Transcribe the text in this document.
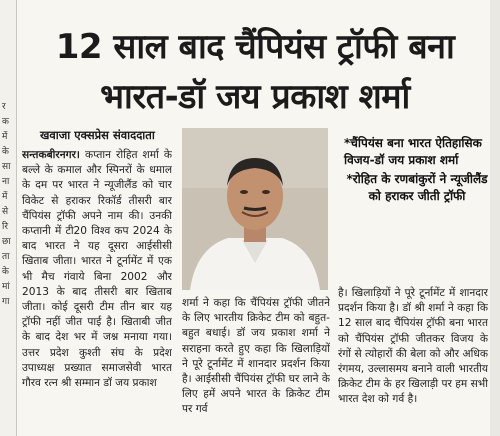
र
क
में
के
सा
ना
में
से
रि
छा
ता
के
मां
गा
12 साल बाद चैंपियंस ट्रॉफी बना
भारत-डॉ जय प्रकाश शर्मा
खवाजा एक्सप्रेस संवाददाता
सन्तकबीरनगर। कप्तान रोहित शर्मा के बल्ले के कमाल और स्पिनरों के धमाल के दम पर भारत ने न्यूजीलैंड को चार विकेट से हराकर रिकॉर्ड तीसरी बार चैंपियंस ट्रॉफी अपने नाम की। उनकी कप्तानी में टी20 विश्व कप 2024 के बाद भारत ने यह दूसरा आईसीसी खिताब जीता। भारत ने टूर्नामेंट में एक भी मैच गंवाये बिना 2002 और 2013 के बाद तीसरी बार खिताब जीता। कोई दूसरी टीम तीन बार यह ट्रॉफी नहीं जीत पाई है। खिताबी जीत के बाद देश भर में जश्न मनाया गया। उत्तर प्रदेश कुश्ती संघ के प्रदेश उपाध्यक्ष प्रख्यात समाजसेवी भारत गौरव रत्न श्री सम्मान डॉ जय प्रकाश

*चैंपियंस बना भारत ऐतिहासिक विजय-डॉ जय प्रकाश शर्मा

*रोहित के रणबांकुरों ने न्यूजीलैंड को हराकर जीती ट्रॉफी

शर्मा ने कहा कि चैंपियंस ट्रॉफी जीतने के लिए भारतीय क्रिकेट टीम को बहुत-बहुत बधाई। डॉ जय प्रकाश शर्मा ने सराहना करते हुए कहा कि खिलाड़ियों ने पूरे टूर्नामेंट में शानदार प्रदर्शन किया है। आईसीसी चैंपियंस ट्रॉफी घर लाने के लिए हमें अपने भारत के क्रिकेट टीम पर गर्व
है। खिलाड़ियों ने पूरे टूर्नामेंट में शानदार प्रदर्शन किया है। डॉ श्री शर्मा ने कहा कि 12 साल बाद चैंपियंस ट्रॉफी बना भारत को चैंपियंस ट्रॉफी जीतकर विजय के रंगों से त्योहारों की बेला को और अधिक रंगमय, उल्लासमय बनाने वाली भारतीय क्रिकेट टीम के हर खिलाड़ी पर हम सभी भारत देश को गर्व है।
